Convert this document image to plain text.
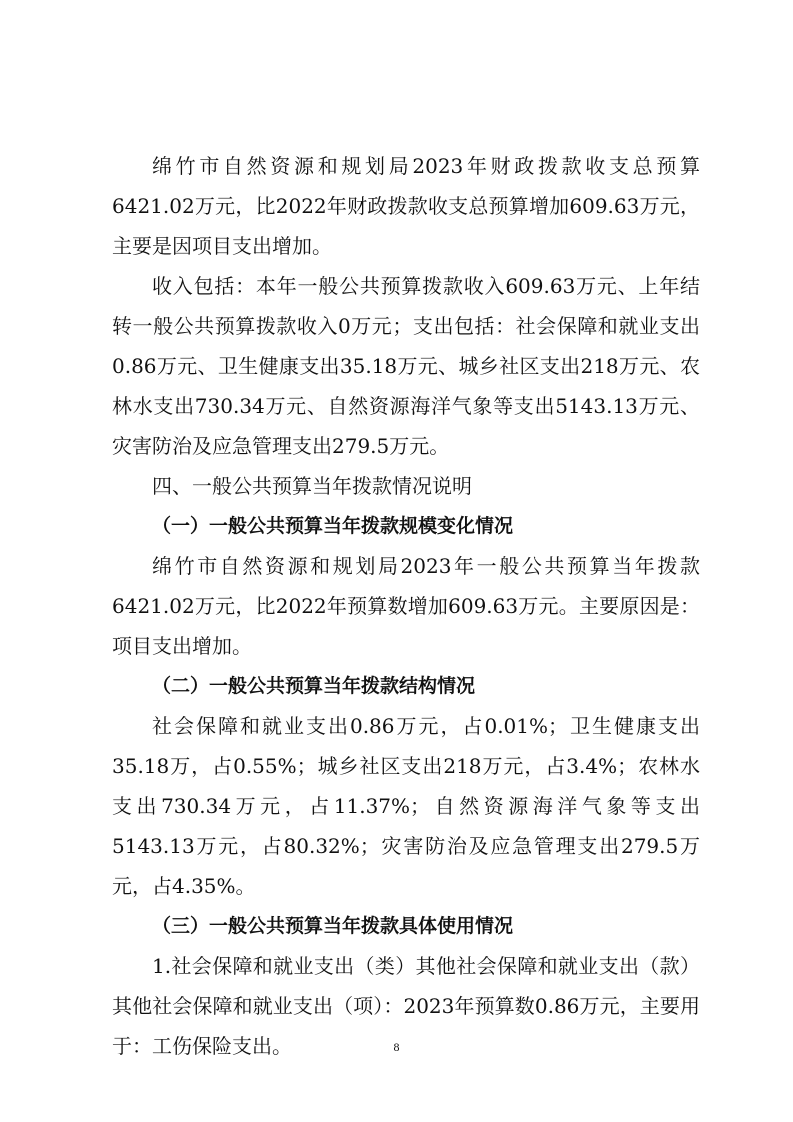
绵竹市自然资源和规划局2023年财政拨款收支总预算6421.02万元，比2022年财政拨款收支总预算增加609.63万元，主要是因项目支出增加。

收入包括：本年一般公共预算拨款收入609.63万元、上年结转一般公共预算拨款收入0万元；支出包括：社会保障和就业支出0.86万元、卫生健康支出35.18万元、城乡社区支出218万元、农林水支出730.34万元、自然资源海洋气象等支出5143.13万元、灾害防治及应急管理支出279.5万元。

四、一般公共预算当年拨款情况说明

（一）一般公共预算当年拨款规模变化情况

绵竹市自然资源和规划局2023年一般公共预算当年拨款6421.02万元，比2022年预算数增加609.63万元。主要原因是：项目支出增加。

（二）一般公共预算当年拨款结构情况

社会保障和就业支出0.86万元，占0.01%；卫生健康支出35.18万，占0.55%；城乡社区支出218万元，占3.4%；农林水支出730.34万元，占11.37%；自然资源海洋气象等支出5143.13万元，占80.32%；灾害防治及应急管理支出279.5万元，占4.35%。

（三）一般公共预算当年拨款具体使用情况

1.社会保障和就业支出（类）其他社会保障和就业支出（款）其他社会保障和就业支出（项）：2023年预算数0.86万元，主要用于：工伤保险支出。	8
